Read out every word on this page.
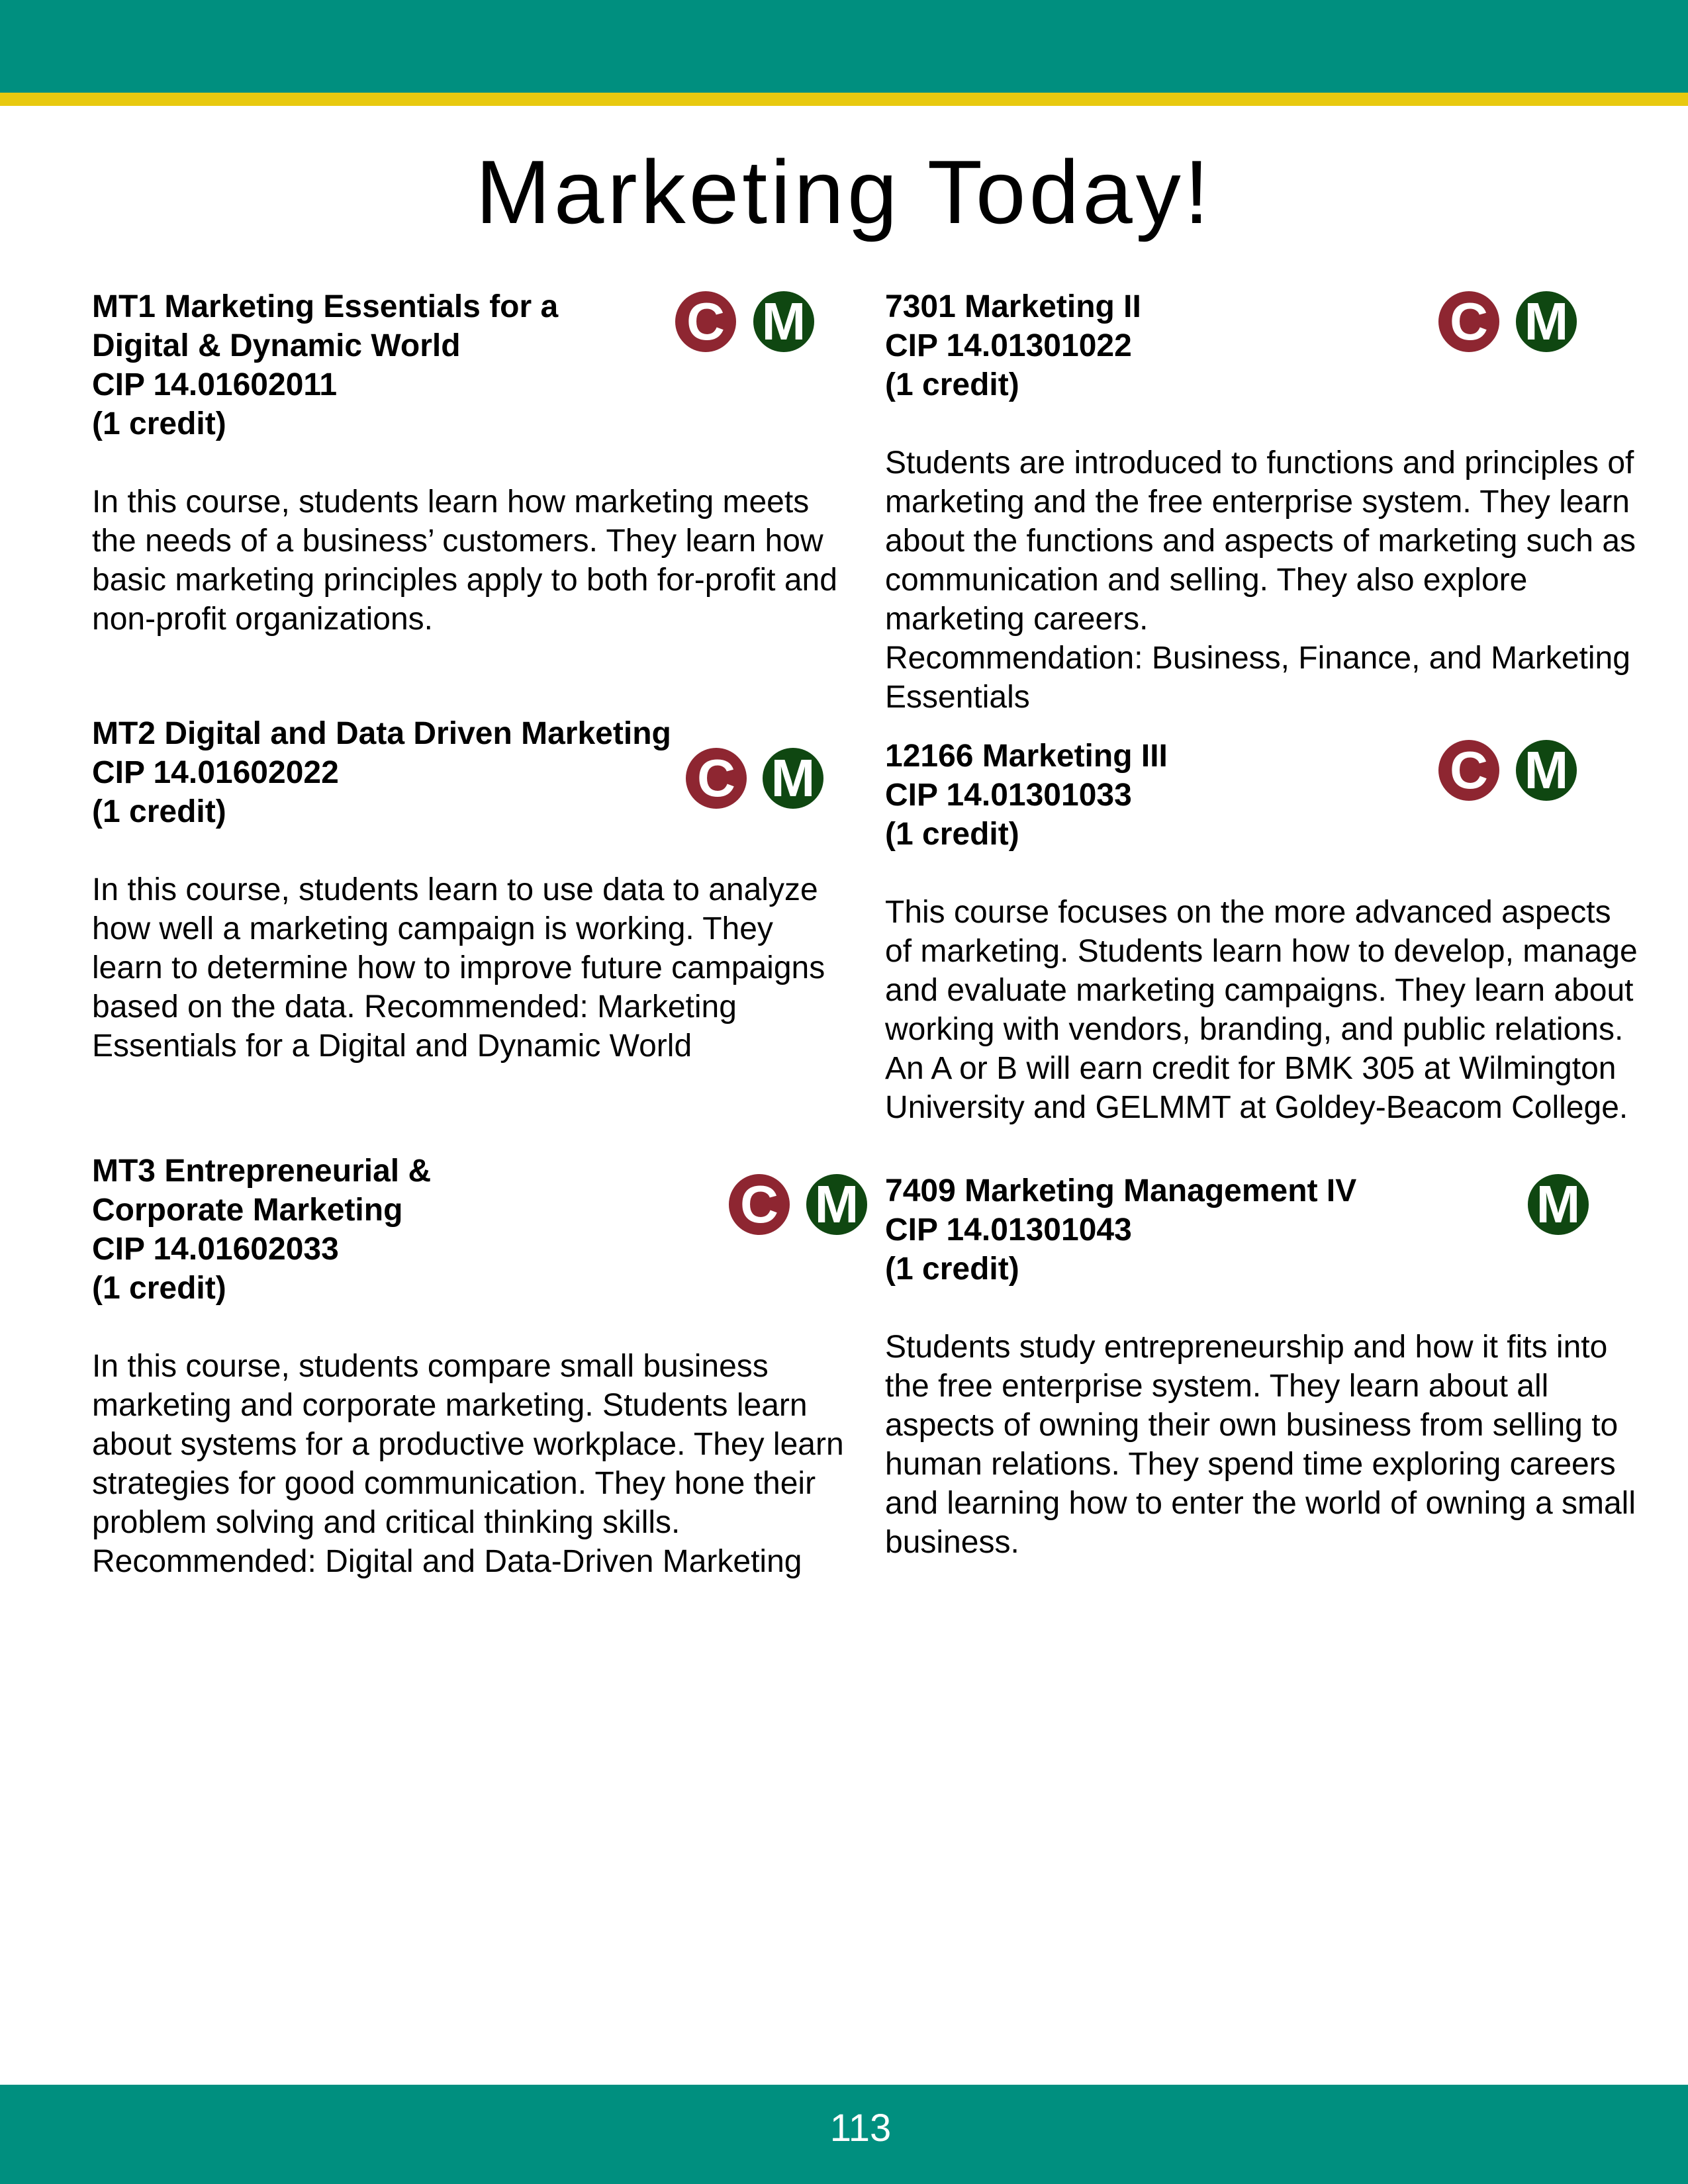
Marketing Today!
MT1 Marketing Essentials for a
Digital & Dynamic World
CIP 14.01602011
(1 credit)
In this course, students learn how marketing meets
the needs of a business’ customers. They learn how
basic marketing principles apply to both for-profit and
non-profit organizations.
C M
MT2 Digital and Data Driven Marketing
CIP 14.01602022
(1 credit)
In this course, students learn to use data to analyze
how well a marketing campaign is working. They
learn to determine how to improve future campaigns
based on the data. Recommended: Marketing
Essentials for a Digital and Dynamic World
C M
MT3 Entrepreneurial &
Corporate Marketing
CIP 14.01602033
(1 credit)
In this course, students compare small business
marketing and corporate marketing. Students learn
about systems for a productive workplace. They learn
strategies for good communication. They hone their
problem solving and critical thinking skills.
Recommended: Digital and Data-Driven Marketing
C M
7301 Marketing II
CIP 14.01301022
(1 credit)
Students are introduced to functions and principles of
marketing and the free enterprise system. They learn
about the functions and aspects of marketing such as
communication and selling. They also explore
marketing careers.
Recommendation: Business, Finance, and Marketing
Essentials
C M
12166 Marketing III
CIP 14.01301033
(1 credit)
This course focuses on the more advanced aspects
of marketing. Students learn how to develop, manage
and evaluate marketing campaigns. They learn about
working with vendors, branding, and public relations.
An A or B will earn credit for BMK 305 at Wilmington
University and GELMMT at Goldey-Beacom College.
C M
7409 Marketing Management IV
CIP 14.01301043
(1 credit)
Students study entrepreneurship and how it fits into
the free enterprise system. They learn about all
aspects of owning their own business from selling to
human relations. They spend time exploring careers
and learning how to enter the world of owning a small
business.
M
113
